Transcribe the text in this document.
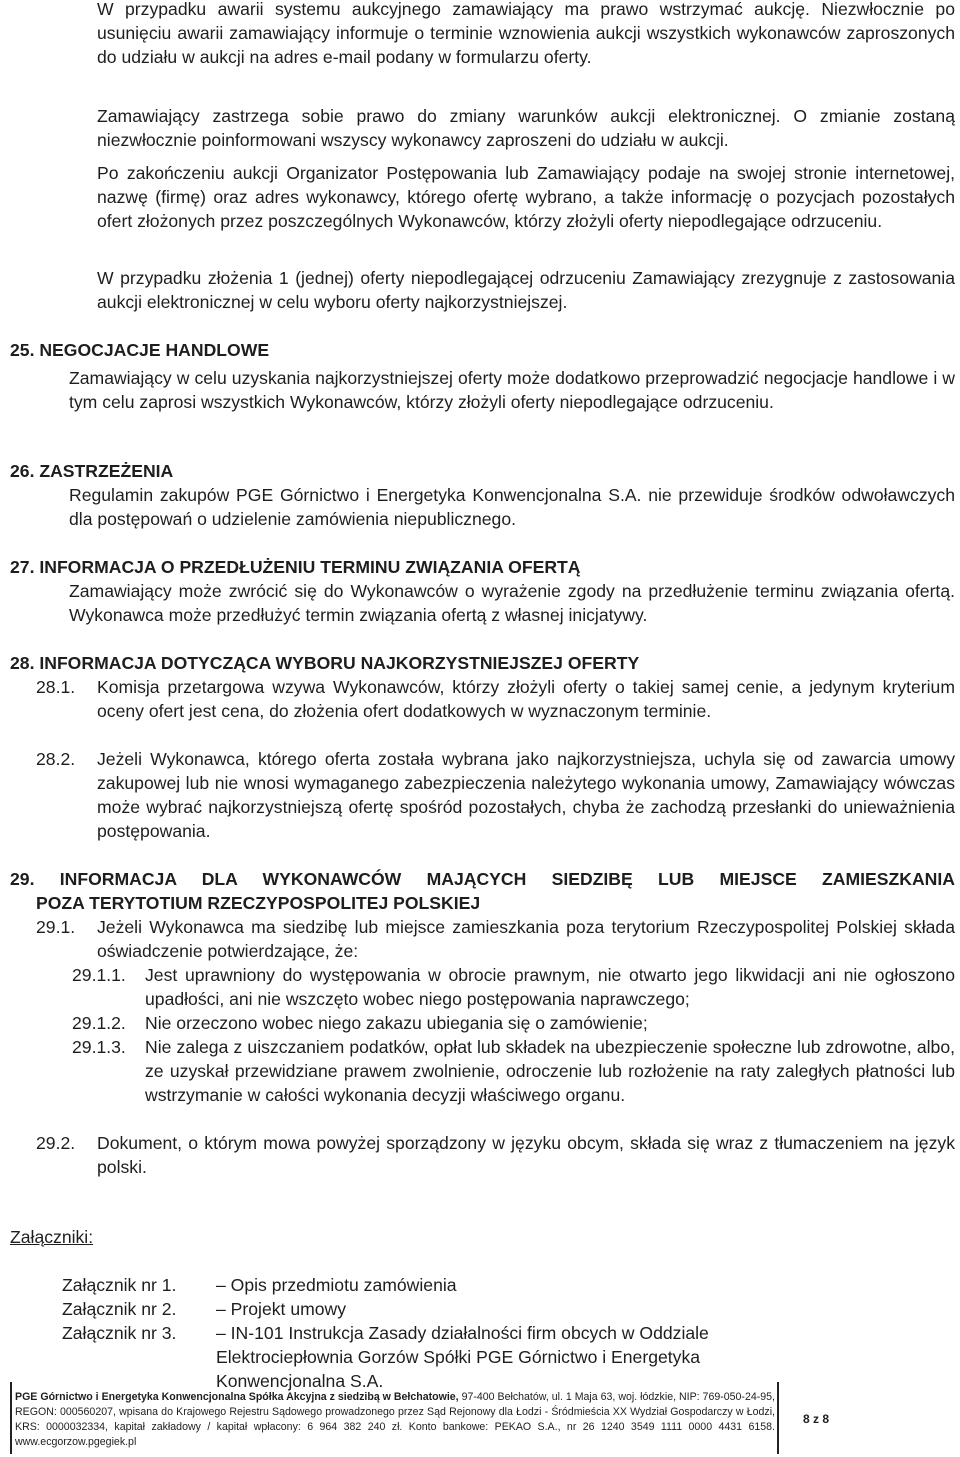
W przypadku awarii systemu aukcyjnego zamawiający ma prawo wstrzymać aukcję. Niezwłocznie po usunięciu awarii zamawiający informuje o terminie wznowienia aukcji wszystkich wykonawców zaproszonych do udziału w aukcji na adres e-mail podany w formularzu oferty.
Zamawiający zastrzega sobie prawo do zmiany warunków aukcji elektronicznej. O zmianie zostaną niezwłocznie poinformowani wszyscy wykonawcy zaproszeni do udziału w aukcji.
Po zakończeniu aukcji Organizator Postępowania lub Zamawiający podaje na swojej stronie internetowej, nazwę (firmę) oraz adres wykonawcy, którego ofertę wybrano, a także informację o pozycjach pozostałych ofert złożonych przez poszczególnych Wykonawców, którzy złożyli oferty niepodlegające odrzuceniu.
W przypadku złożenia 1 (jednej) oferty niepodlegającej odrzuceniu Zamawiający zrezygnuje z zastosowania aukcji elektronicznej w celu wyboru oferty najkorzystniejszej.
25. NEGOCJACJE HANDLOWE
Zamawiający w celu uzyskania najkorzystniejszej oferty może dodatkowo przeprowadzić negocjacje handlowe i w tym celu zaprosi wszystkich Wykonawców, którzy złożyli oferty niepodlegające odrzuceniu.
26. ZASTRZEŻENIA
Regulamin zakupów PGE Górnictwo i Energetyka Konwencjonalna S.A. nie przewiduje środków odwoławczych dla postępowań o udzielenie zamówienia niepublicznego.
27. INFORMACJA O PRZEDŁUŻENIU TERMINU ZWIĄZANIA OFERTĄ
Zamawiający może zwrócić się do Wykonawców o wyrażenie zgody na przedłużenie terminu związania ofertą. Wykonawca może przedłużyć termin związania ofertą z własnej inicjatywy.
28. INFORMACJA DOTYCZĄCA WYBORU NAJKORZYSTNIEJSZEJ OFERTY
28.1. Komisja przetargowa wzywa Wykonawców, którzy złożyli oferty o takiej samej cenie, a jedynym kryterium oceny ofert jest cena, do złożenia ofert dodatkowych w wyznaczonym terminie.
28.2. Jeżeli Wykonawca, którego oferta została wybrana jako najkorzystniejsza, uchyla się od zawarcia umowy zakupowej lub nie wnosi wymaganego zabezpieczenia należytego wykonania umowy, Zamawiający wówczas może wybrać najkorzystniejszą ofertę spośród pozostałych, chyba że zachodzą przesłanki do unieważnienia postępowania.
29. INFORMACJA DLA WYKONAWCÓW MAJĄCYCH SIEDZIBĘ LUB MIEJSCE ZAMIESZKANIA
POZA TERYTOTIUM RZECZYPOSPOLITEJ POLSKIEJ
29.1. Jeżeli Wykonawca ma siedzibę lub miejsce zamieszkania poza terytorium Rzeczypospolitej Polskiej składa oświadczenie potwierdzające, że:
29.1.1. Jest uprawniony do występowania w obrocie prawnym, nie otwarto jego likwidacji ani nie ogłoszono upadłości, ani nie wszczęto wobec niego postępowania naprawczego;
29.1.2. Nie orzeczono wobec niego zakazu ubiegania się o zamówienie;
29.1.3. Nie zalega z uiszczaniem podatków, opłat lub składek na ubezpieczenie społeczne lub zdrowotne, albo, ze uzyskał przewidziane prawem zwolnienie, odroczenie lub rozłożenie na raty zaległych płatności lub wstrzymanie w całości wykonania decyzji właściwego organu.
29.2. Dokument, o którym mowa powyżej sporządzony w języku obcym, składa się wraz z tłumaczeniem na język polski.
Załączniki:
Załącznik nr 1. – Opis przedmiotu zamówienia
Załącznik nr 2. – Projekt umowy
Załącznik nr 3. – IN-101 Instrukcja Zasady działalności firm obcych w Oddziale Elektrociepłownia Gorzów Spółki PGE Górnictwo i Energetyka Konwencjonalna S.A.
PGE Górnictwo i Energetyka Konwencjonalna Spółka Akcyjna z siedzibą w Bełchatowie, 97-400 Bełchatów, ul. 1 Maja 63, woj. łódzkie, NIP: 769-050-24-95, REGON: 000560207, wpisana do Krajowego Rejestru Sądowego prowadzonego przez Sąd Rejonowy dla Łodzi - Śródmieścia XX Wydział Gospodarczy w Łodzi, KRS: 0000032334, kapitał zakładowy / kapitał wpłacony: 6 964 382 240 zł. Konto bankowe: PEKAO S.A., nr 26 1240 3549 1111 0000 4431 6158. www.ecgorzow.pgegiek.pl
8 z 8
